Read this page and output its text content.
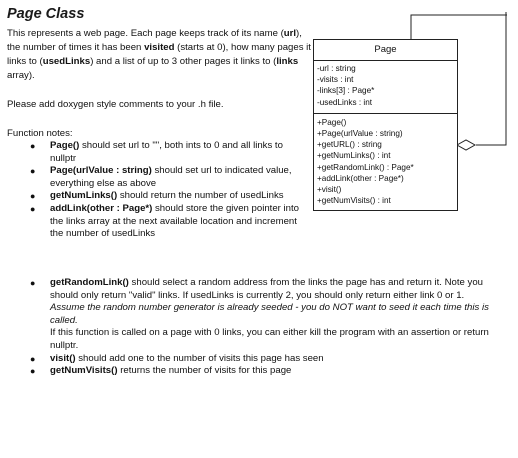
Page Class
This represents a web page. Each page keeps track of its name (url), the number of times it has been visited (starts at 0), how many pages it links to (usedLinks) and a list of up to 3 other pages it links to (links array).
Please add doxygen style comments to your .h file.
Function notes:
● Page() should set url to "", both ints to 0 and all links to nullptr
● Page(urlValue : string) should set url to indicated value, everything else as above
● getNumLinks() should return the number of usedLinks
● addLink(other : Page*) should store the given pointer into the links array at the next available location and increment the number of usedLinks
● getRandomLink() should select a random address from the links the page has and return it. Note you should only return "valid" links. If usedLinks is currently 2, you should only return either link 0 or 1.
Assume the random number generator is already seeded - you do NOT want to seed it each time this is called.
If this function is called on a page with 0 links, you can either kill the program with an assertion or return nullptr.
● visit() should add one to the number of visits this page has seen
● getNumVisits() returns the number of visits for this page
Page
-url : string
-visits : int
-links[3] : Page*
-usedLinks : int
+Page()
+Page(urlValue : string)
+getURL() : string
+getNumLinks() : int
+getRandomLink() : Page*
+addLink(other : Page*)
+visit()
+getNumVisits() : int
